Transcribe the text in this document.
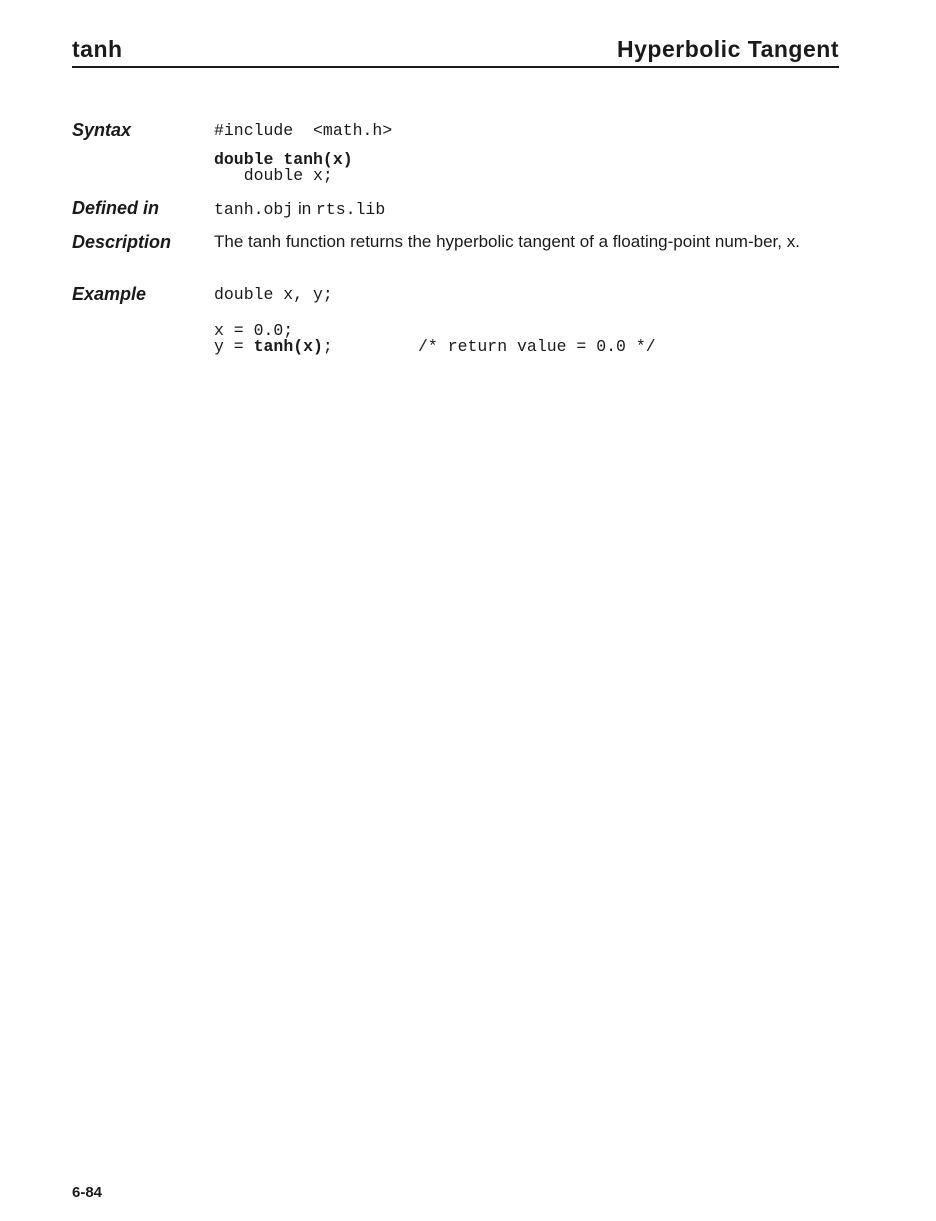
tanh	Hyperbolic Tangent
Syntax	#include  <math.h>
double tanh(x)
double x;
Defined in	tanh.obj in rts.lib
Description	The tanh function returns the hyperbolic tangent of a floating-point num-ber, x.
Example	double x, y;
x = 0.0;
y = tanh(x);	/* return value = 0.0 */
6-84
